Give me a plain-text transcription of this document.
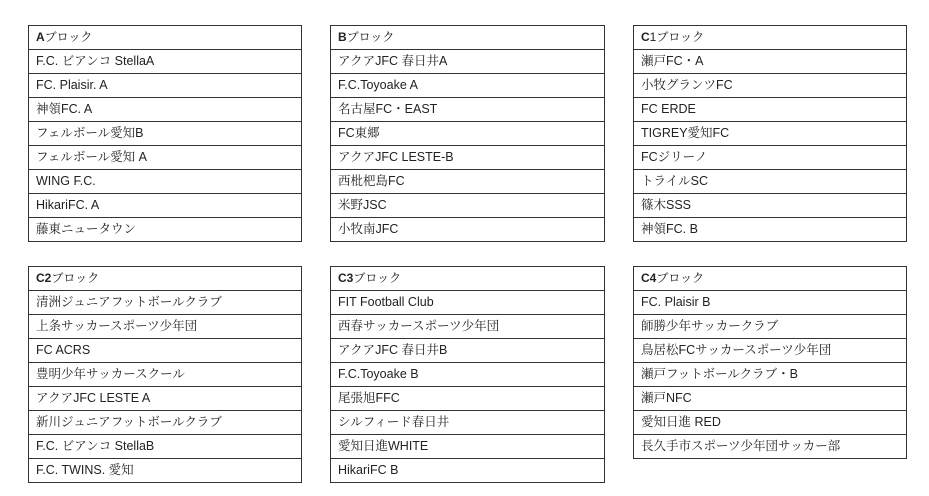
Aブロック
F.C. ビアンコ StellaA
FC. Plaisir. A
神領FC. A
フェルボール愛知B
フェルボール愛知 A
WING F.C.
HikariFC. A
藤東ニュータウン
Bブロック
アクアJFC 春日井A
F.C.Toyoake A
名古屋FC・EAST
FC東郷
アクアJFC LESTE-B
西枇杷島FC
米野JSC
小牧南JFC
C1ブロック
瀬戸FC・A
小牧グランツFC
FC ERDE
TIGREY愛知FC
FCジリーノ
トライルSC
篠木SSS
神領FC. B
C2ブロック
清洲ジュニアフットボールクラブ
上条サッカースポーツ少年団
FC ACRS
豊明少年サッカースクール
アクアJFC LESTE A
新川ジュニアフットボールクラブ
F.C. ビアンコ StellaB
F.C. TWINS. 愛知
C3ブロック
FIT Football Club
西春サッカースポーツ少年団
アクアJFC 春日井B
F.C.Toyoake B
尾張旭FFC
シルフィード春日井
愛知日進WHITE
HikariFC B
C4ブロック
FC. Plaisir B
師勝少年サッカークラブ
鳥居松FCサッカースポーツ少年団
瀬戸フットボールクラブ・B
瀬戸NFC
愛知日進 RED
長久手市スポーツ少年団サッカー部
